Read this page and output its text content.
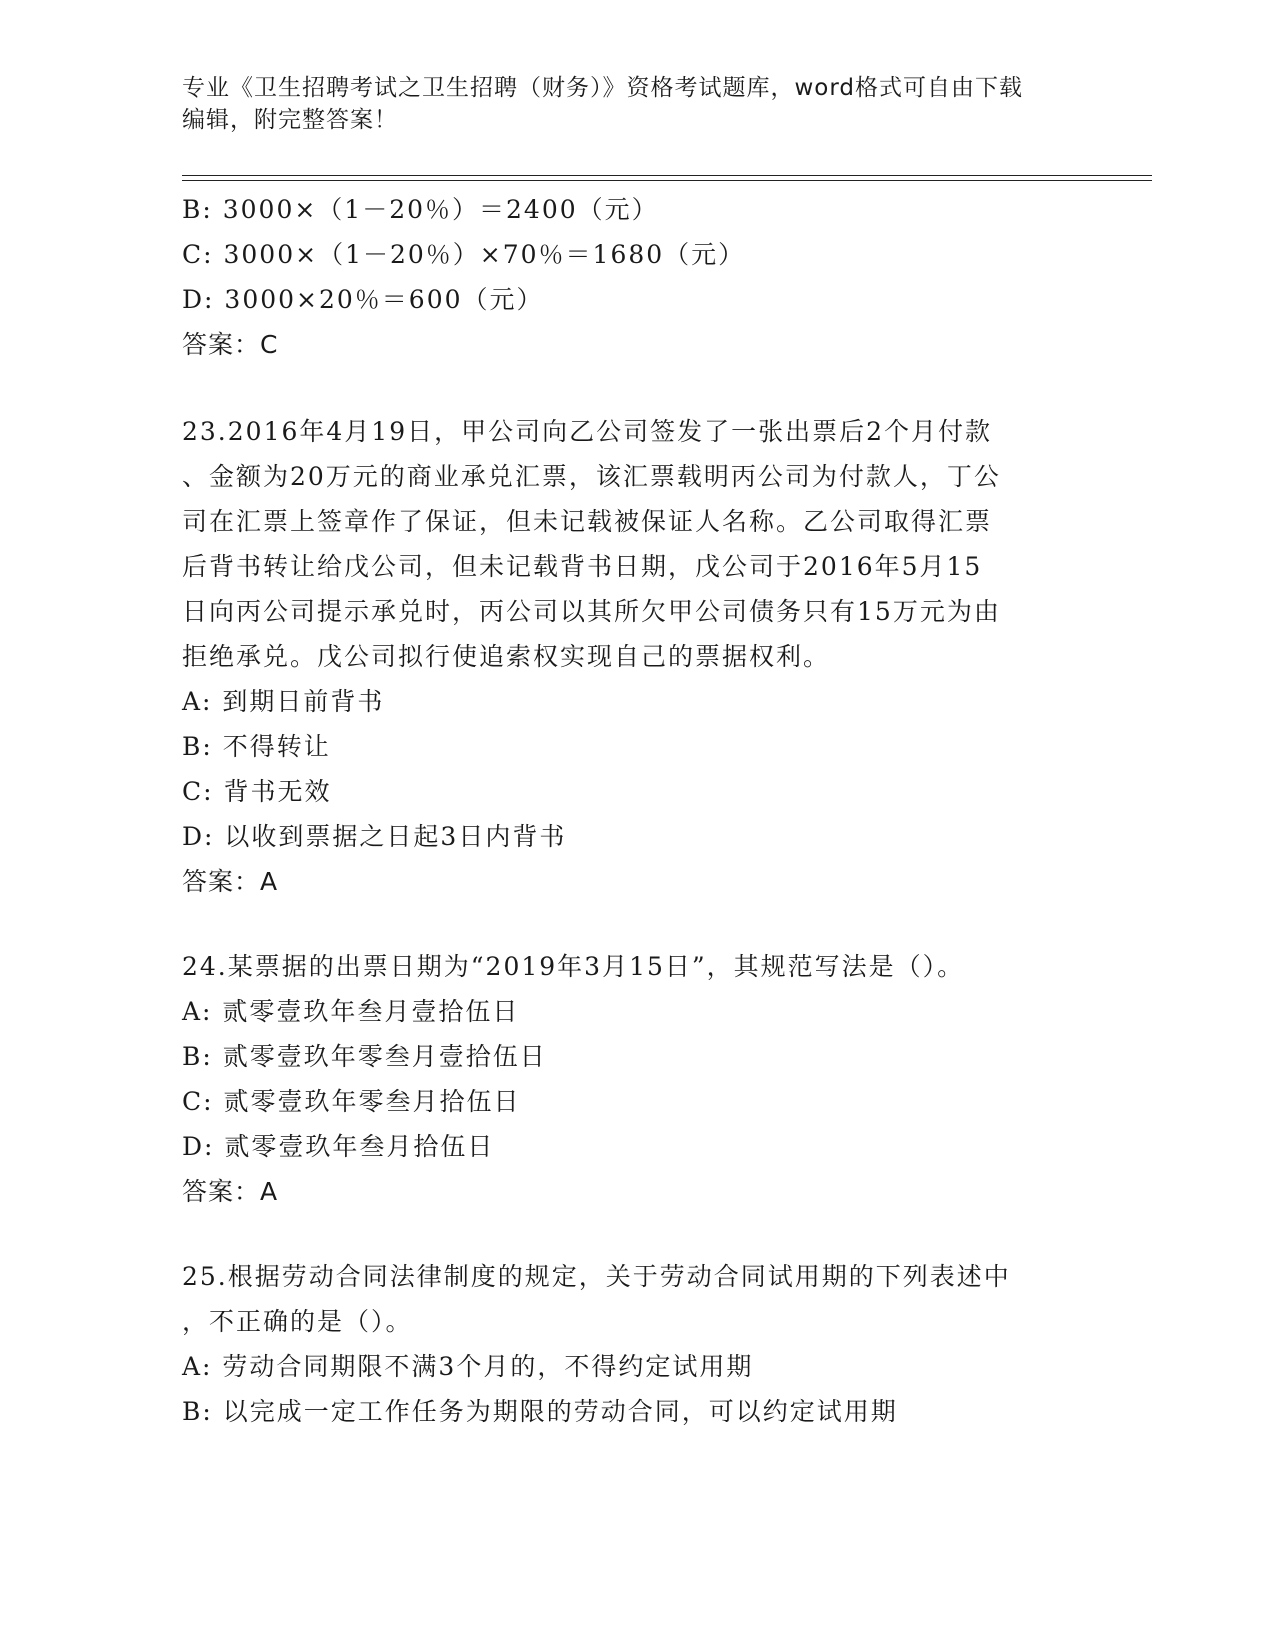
专业《卫生招聘考试之卫生招聘（财务）》资格考试题库，word格式可自由下载
编辑，附完整答案！
B: 3000×（1－20％）＝2400（元）
C: 3000×（1－20％）×70％＝1680（元）
D: 3000×20％＝600（元）
答案：C
23.2016年4月19日，甲公司向乙公司签发了一张出票后2个月付款
、金额为20万元的商业承兑汇票，该汇票载明丙公司为付款人，丁公
司在汇票上签章作了保证，但未记载被保证人名称。乙公司取得汇票
后背书转让给戊公司，但未记载背书日期，戊公司于2016年5月15
日向丙公司提示承兑时，丙公司以其所欠甲公司债务只有15万元为由
拒绝承兑。戊公司拟行使追索权实现自己的票据权利。
A: 到期日前背书
B: 不得转让
C: 背书无效
D: 以收到票据之日起3日内背书
答案：A
24.某票据的出票日期为“2019年3月15日”，其规范写法是（）。
A: 贰零壹玖年叁月壹拾伍日
B: 贰零壹玖年零叁月壹拾伍日
C: 贰零壹玖年零叁月拾伍日
D: 贰零壹玖年叁月拾伍日
答案：A
25.根据劳动合同法律制度的规定，关于劳动合同试用期的下列表述中
，不正确的是（）。
A: 劳动合同期限不满3个月的，不得约定试用期
B: 以完成一定工作任务为期限的劳动合同，可以约定试用期
